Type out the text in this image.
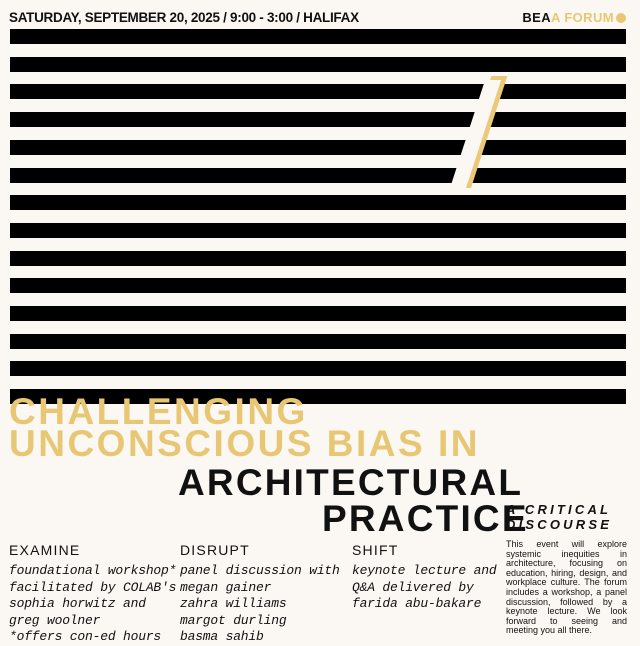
SATURDAY, SEPTEMBER 20, 2025 / 9:00 - 3:00 / HALIFAX	BEAA FORUM
CHALLENGING
UNCONSCIOUS BIAS IN
ARCHITECTURAL
PRACTICE
A CRITICAL
DISCOURSE
EXAMINE
foundational workshop*
facilitated by COLAB's
sophia horwitz and
greg woolner
*offers con-ed hours
DISRUPT
panel discussion with
megan gainer
zahra williams
margot durling
basma sahib
SHIFT
keynote lecture and
Q&A delivered by
farida abu-bakare
This event will explore systemic inequities in architecture, focusing on education, hiring, design, and workplace culture. The forum includes a workshop, a panel discussion, followed by a keynote lecture. We look forward to seeing and meeting you all there.
